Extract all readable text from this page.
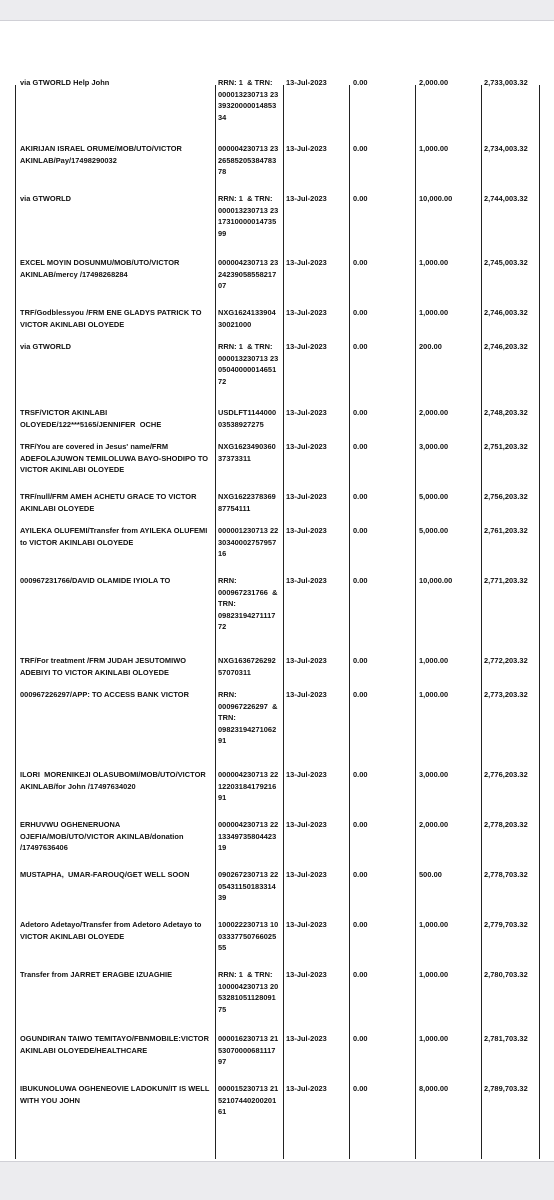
via GTWORLD Help John	RRN: 1  & TRN:
000013230713 23
39320000014853
34
13-Jul-2023	0.00	2,000.00	2,733,003.32
AKIRIJAN ISRAEL ORUME/MOB/UTO/VICTOR
AKINLAB/Pay/17498290032
000004230713 23
26585205384783
78
13-Jul-2023	0.00	1,000.00	2,734,003.32
via GTWORLD	RRN: 1  & TRN:
000013230713 23
17310000014735
99
13-Jul-2023	0.00	10,000.00	2,744,003.32
EXCEL MOYIN DOSUNMU/MOB/UTO/VICTOR
AKINLAB/mercy /17498268284
000004230713 23
24239058558217
07
13-Jul-2023	0.00	1,000.00	2,745,003.32
TRF/Godblessyou /FRM ENE GLADYS PATRICK TO
VICTOR AKINLABI OLOYEDE
NXG1624133904
30021000
13-Jul-2023	0.00	1,000.00	2,746,003.32
via GTWORLD	RRN: 1  & TRN:
000013230713 23
05040000014651
72
13-Jul-2023	0.00	200.00	2,746,203.32
TRSF/VICTOR AKINLABI
OLOYEDE/122***5165/JENNIFER  OCHE
USDLFT1144000
03538927275
13-Jul-2023	0.00	2,000.00	2,748,203.32
TRF/You are covered in Jesus' name/FRM
ADEFOLAJUWON TEMILOLUWA BAYO-SHODIPO TO
VICTOR AKINLABI OLOYEDE
NXG1623490360
37373311
13-Jul-2023	0.00	3,000.00	2,751,203.32
TRF/null/FRM AMEH ACHETU GRACE TO VICTOR
AKINLABI OLOYEDE
NXG1622378369
87754111
13-Jul-2023	0.00	5,000.00	2,756,203.32
AYILEKA OLUFEMI/Transfer from AYILEKA OLUFEMI
to VICTOR AKINLABI OLOYEDE
000001230713 22
30340002757957
16
13-Jul-2023	0.00	5,000.00	2,761,203.32
000967231766/DAVID OLAMIDE IYIOLA TO	RRN:
000967231766  &
TRN:
09823194271117
72
13-Jul-2023	0.00	10,000.00	2,771,203.32
TRF/For treatment /FRM JUDAH JESUTOMIWO
ADEBIYI TO VICTOR AKINLABI OLOYEDE
NXG1636726292
57070311
13-Jul-2023	0.00	1,000.00	2,772,203.32
000967226297/APP: TO ACCESS BANK VICTOR	RRN:
000967226297  &
TRN:
09823194271062
91
13-Jul-2023	0.00	1,000.00	2,773,203.32
ILORI  MORENIKEJI OLASUBOMI/MOB/UTO/VICTOR
AKINLAB/for John /17497634020
000004230713 22
12203184179216
91
13-Jul-2023	0.00	3,000.00	2,776,203.32
ERHUVWU OGHENERUONA
OJEFIA/MOB/UTO/VICTOR AKINLAB/donation
/17497636406
000004230713 22
13349735804423
19
13-Jul-2023	0.00	2,000.00	2,778,203.32
MUSTAPHA,  UMAR-FAROUQ/GET WELL SOON	090267230713 22
05431150183314
39
13-Jul-2023	0.00	500.00	2,778,703.32
Adetoro Adetayo/Transfer from Adetoro Adetayo to
VICTOR AKINLABI OLOYEDE
100022230713 10
03337750766025
55
13-Jul-2023	0.00	1,000.00	2,779,703.32
Transfer from JARRET ERAGBE IZUAGHIE	RRN: 1  & TRN:
100004230713 20
53281051128091
75
13-Jul-2023	0.00	1,000.00	2,780,703.32
OGUNDIRAN TAIWO TEMITAYO/FBNMOBILE:VICTOR
AKINLABI OLOYEDE/HEALTHCARE
000016230713 21
53070000681117
97
13-Jul-2023	0.00	1,000.00	2,781,703.32
IBUKUNOLUWA OGHENEOVIE LADOKUN/IT IS WELL
WITH YOU JOHN
000015230713 21
52107440200201
61
13-Jul-2023	0.00	8,000.00	2,789,703.32
